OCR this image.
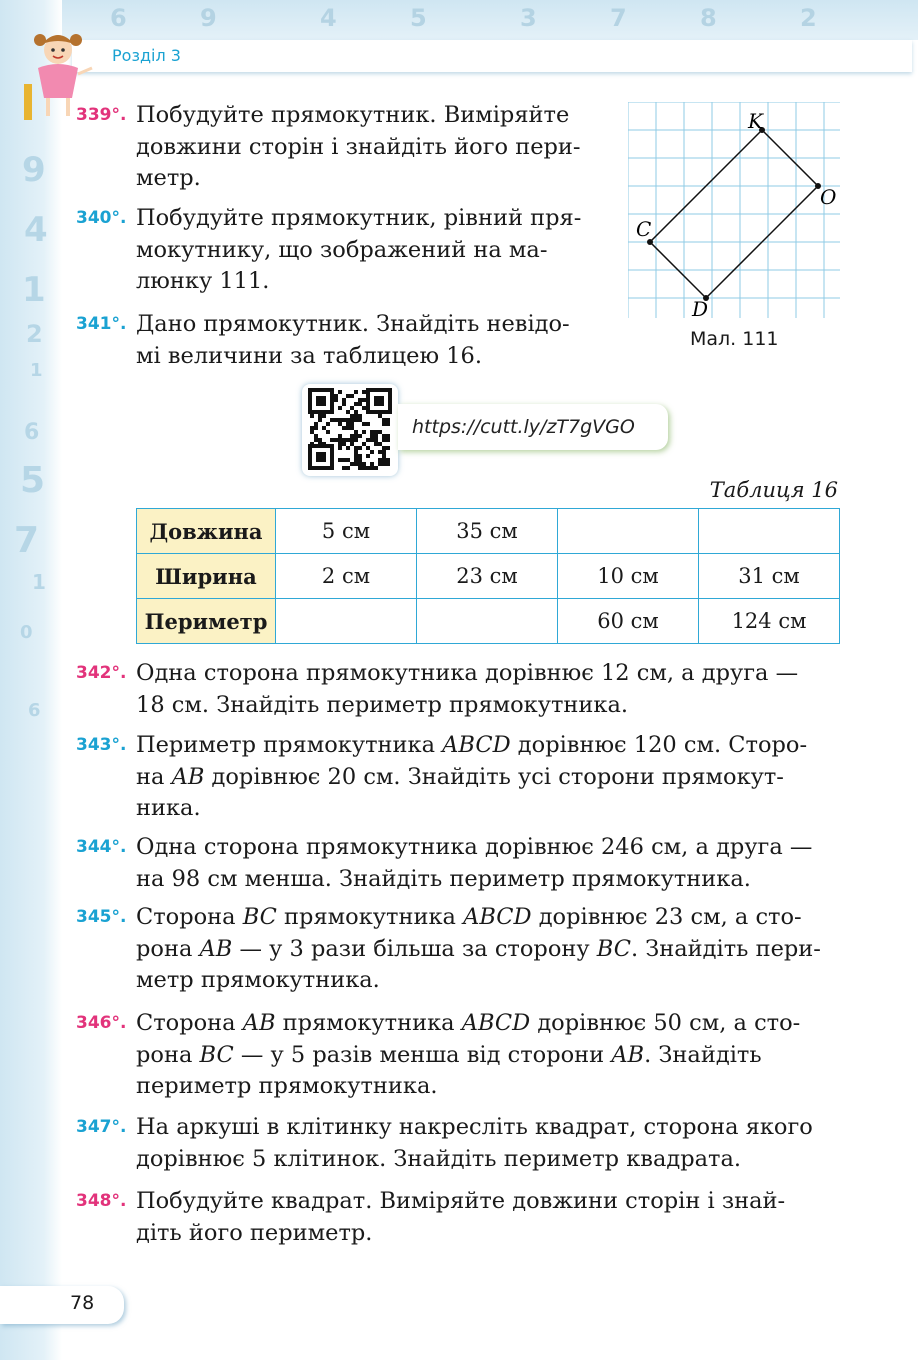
6	9	4	5	3	7	8	2
9
4
1
2
1
6
5
7
1
0
6
Розділ 3
339°. Побудуйте прямокутник. Виміряйте
довжини сторін і знайдіть його пери-
метр.
340°. Побудуйте прямокутник, рівний пря-
мокутнику, що зображений на ма-
люнку 111.
341°. Дано прямокутник. Знайдіть невідо-
мі величини за таблицею 16.
K
O
C
D
Мал. 111
https://cutt.ly/zT7gVGO
Таблиця 16
Довжина	5 см	35 см		
Ширина	2 см	23 см	10 см	31 см
Периметр			60 см	124 см
342°. Одна сторона прямокутника дорівнює 12 см, а друга —
18 см. Знайдіть периметр прямокутника.
343°. Периметр прямокутника ABCD дорівнює 120 см. Сторо-
на AB дорівнює 20 см. Знайдіть усі сторони прямокут-
ника.
344°. Одна сторона прямокутника дорівнює 246 см, а друга —
на 98 см менша. Знайдіть периметр прямокутника.
345°. Сторона BC прямокутника ABCD дорівнює 23 см, а сто-
рона AB — у 3 рази більша за сторону BC. Знайдіть пери-
метр прямокутника.
346°. Сторона AB прямокутника ABCD дорівнює 50 см, а сто-
рона BC — у 5 разів менша від сторони AB. Знайдіть
периметр прямокутника.
347°. На аркуші в клітинку накресліть квадрат, сторона якого
дорівнює 5 клітинок. Знайдіть периметр квадрата.
348°. Побудуйте квадрат. Виміряйте довжини сторін і знай-
діть його периметр.
78
